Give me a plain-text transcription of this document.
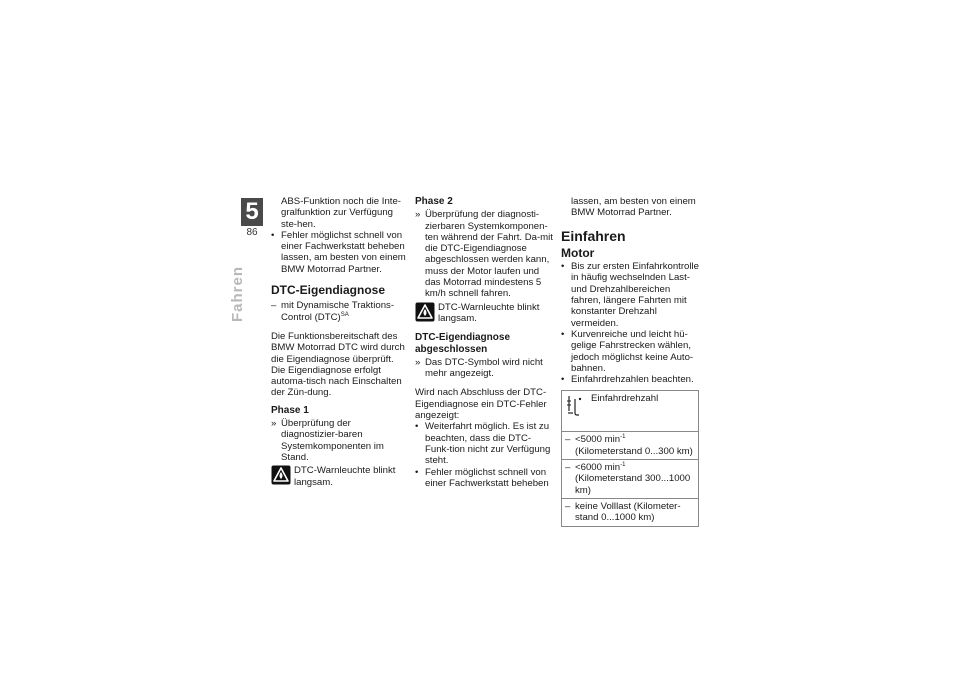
5
86
Fahren

ABS-Funktion noch die Inte-gralfunktion zur Verfügung ste-hen.

• Fehler möglichst schnell von einer Fachwerkstatt beheben lassen, am besten von einem BMW Motorrad Partner.
DTC-Eigendiagnose
– mit Dynamische Traktions-Control (DTC)$^{SA}$

Die Funktionsbereitschaft des BMW Motorrad DTC wird durch die Eigendiagnose überprüft. Die Eigendiagnose erfolgt automa-tisch nach Einschalten der Zün-dung.

Phase 1
» Überprüfung der diagnostizier-baren Systemkomponenten im Stand.
DTC-Warnleuchte blinkt langsam.
Phase 2
» Überprüfung der diagnosti-zierbaren Systemkomponen-ten während der Fahrt. Da-mit die DTC-Eigendiagnose abgeschlossen werden kann, muss der Motor laufen und das Motorrad mindestens 5 km/h schnell fahren.
DTC-Warnleuchte blinkt langsam.
DTC-Eigendiagnose abgeschlossen
» Das DTC-Symbol wird nicht mehr angezeigt.

Wird nach Abschluss der DTC-Eigendiagnose ein DTC-Fehler angezeigt:

• Weiterfahrt möglich. Es ist zu beachten, dass die DTC-Funk-tion nicht zur Verfügung steht.
• Fehler möglichst schnell von einer Fachwerkstatt beheben

lassen, am besten von einem BMW Motorrad Partner.

Einfahren
Motor
• Bis zur ersten Einfahrkontrolle in häufig wechselnden Last- und Drehzahlbereichen fahren, längere Fahrten mit konstanter Drehzahl vermeiden.
• Kurvenreiche und leicht hü-gelige Fahrstrecken wählen, jedoch möglichst keine Auto-bahnen.
• Einfahrdrehzahlen beachten.
Einfahrdrehzahl
– <5000 $\min^{-1}$ (Kilometerstand 0...300 km)
– <6000 $\min^{-1}$ (Kilometerstand 300...1000 km)
– keine Volllast (Kilometer-stand 0...1000 km)
